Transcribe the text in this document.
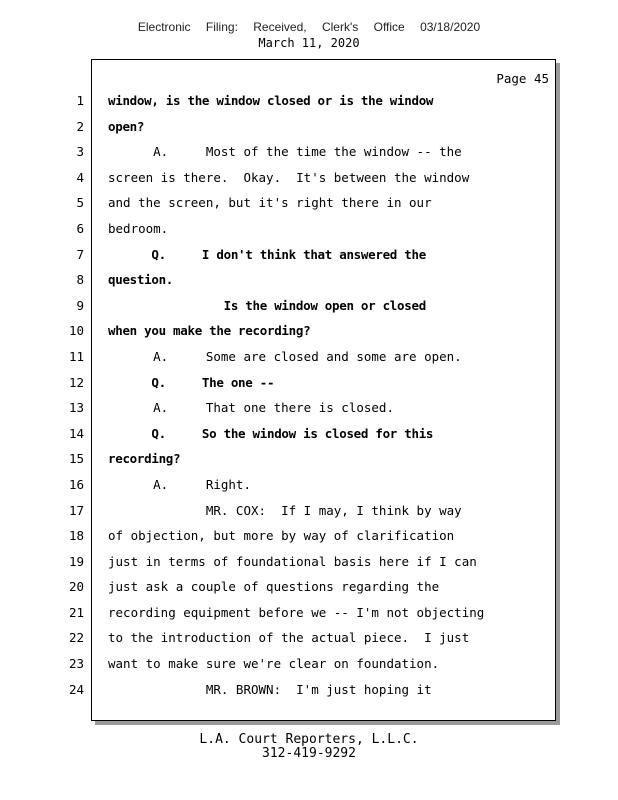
Electronic Filing: Received, Clerk's Office 03/18/2020
March 11, 2020
Page 45
1
2
3
4
5
6
7
8
9
10
11
12
13
14
15
16
17
18
19
20
21
22
23
24
window, is the window closed or is the window
open?
A.     Most of the time the window -- the
screen is there.  Okay.  It's between the window
and the screen, but it's right there in our
bedroom.
Q.     I don't think that answered the
question.
Is the window open or closed
when you make the recording?
A.     Some are closed and some are open.
Q.     The one --
A.     That one there is closed.
Q.     So the window is closed for this
recording?
A.     Right.
MR. COX:  If I may, I think by way
of objection, but more by way of clarification
just in terms of foundational basis here if I can
just ask a couple of questions regarding the
recording equipment before we -- I'm not objecting
to the introduction of the actual piece.  I just
want to make sure we're clear on foundation.
MR. BROWN:  I'm just hoping it
L.A. Court Reporters, L.L.C.
312-419-9292
